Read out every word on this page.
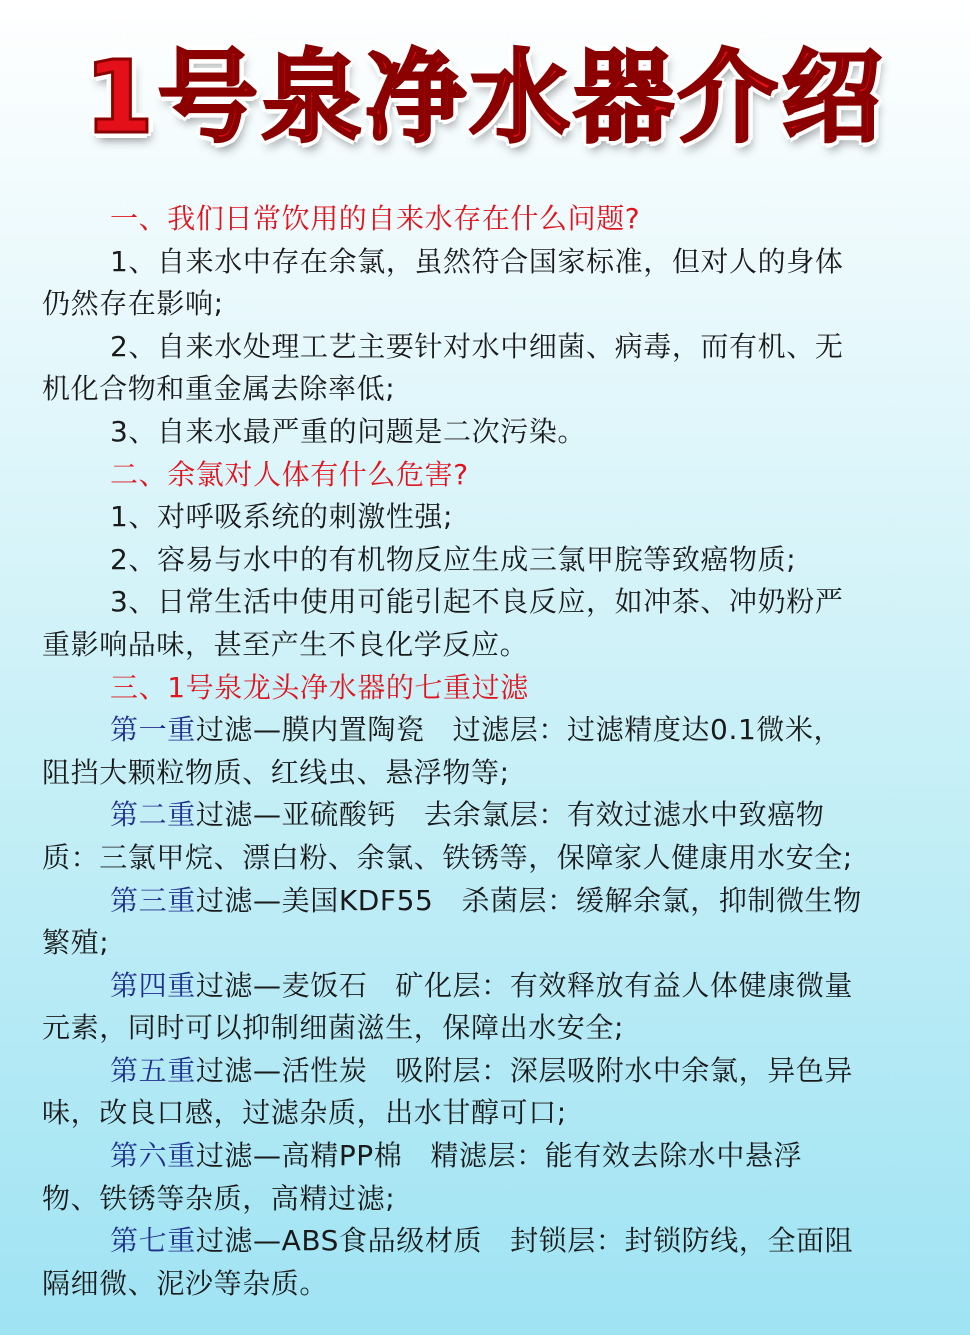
1号泉净水器介绍
一、我们日常饮用的自来水存在什么问题?
1、自来水中存在余氯，虽然符合国家标准，但对人的身体
仍然存在影响;
2、自来水处理工艺主要针对水中细菌、病毒，而有机、无
机化合物和重金属去除率低;
3、自来水最严重的问题是二次污染。
二、余氯对人体有什么危害?
1、对呼吸系统的刺激性强;
2、容易与水中的有机物反应生成三氯甲脘等致癌物质;
3、日常生活中使用可能引起不良反应，如冲茶、冲奶粉严
重影响品味，甚至产生不良化学反应。
三、1号泉龙头净水器的七重过滤
第一重过滤—膜内置陶瓷 过滤层：过滤精度达0.1微米，
阻挡大颗粒物质、红线虫、悬浮物等;
第二重过滤—亚硫酸钙 去余氯层：有效过滤水中致癌物
质：三氯甲烷、漂白粉、余氯、铁锈等，保障家人健康用水安全;
第三重过滤—美国KDF55 杀菌层：缓解余氯，抑制微生物
繁殖;
第四重过滤—麦饭石 矿化层：有效释放有益人体健康微量
元素，同时可以抑制细菌滋生，保障出水安全;
第五重过滤—活性炭 吸附层：深层吸附水中余氯，异色异
味，改良口感，过滤杂质，出水甘醇可口;
第六重过滤—高精PP棉 精滤层：能有效去除水中悬浮
物、铁锈等杂质，高精过滤;
第七重过滤—ABS食品级材质 封锁层：封锁防线，全面阻
隔细微、泥沙等杂质。
